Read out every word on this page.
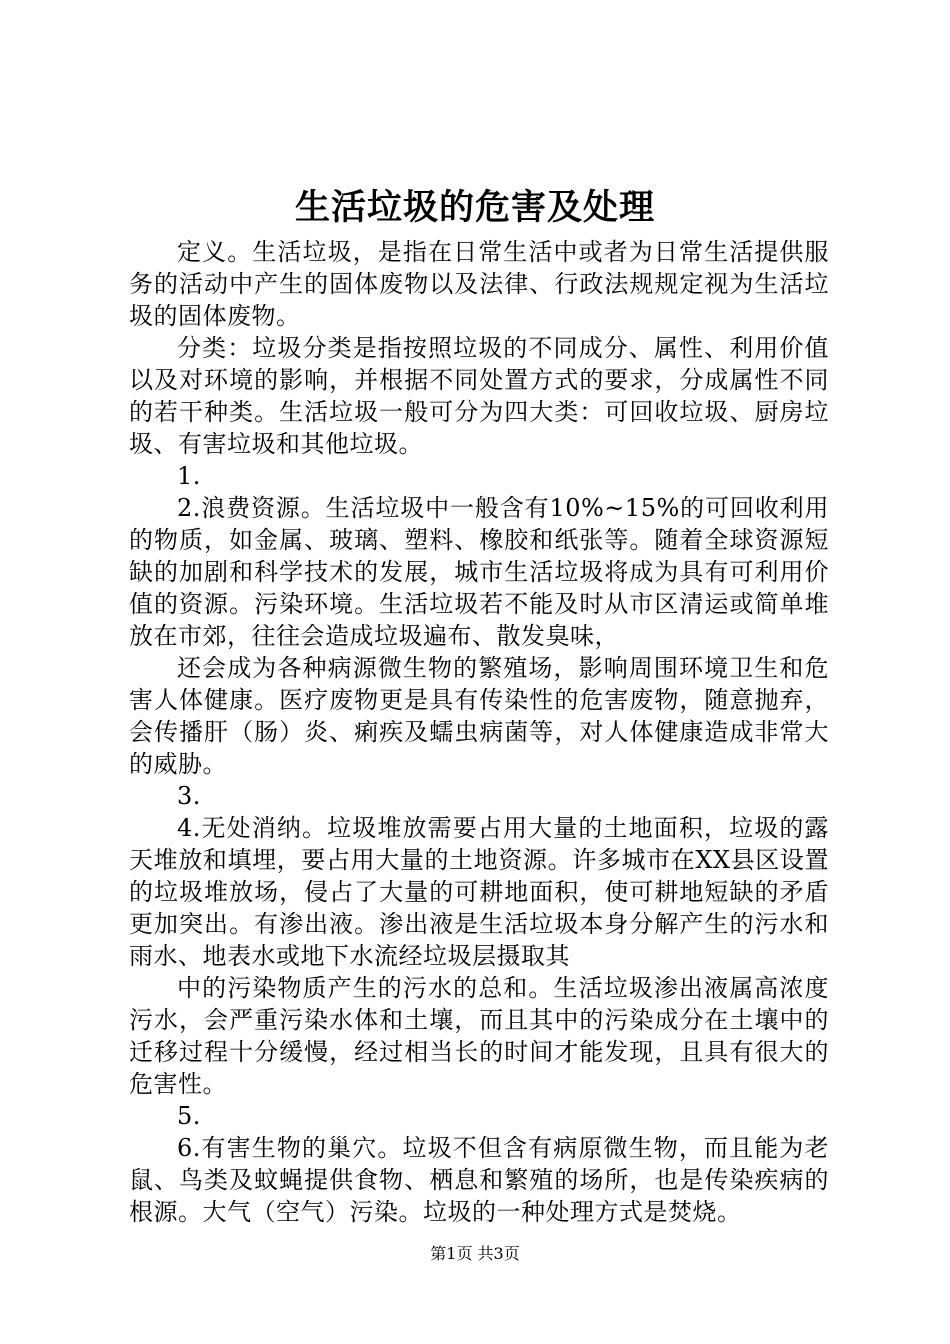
生活垃圾的危害及处理

定义。生活垃圾，是指在日常生活中或者为日常生活提供服务的活动中产生的固体废物以及法律、行政法规规定视为生活垃圾的固体废物。

分类：垃圾分类是指按照垃圾的不同成分、属性、利用价值以及对环境的影响，并根据不同处置方式的要求，分成属性不同的若干种类。生活垃圾一般可分为四大类：可回收垃圾、厨房垃圾、有害垃圾和其他垃圾。

1.

2.浪费资源。生活垃圾中一般含有10%~15%的可回收利用的物质，如金属、玻璃、塑料、橡胶和纸张等。随着全球资源短缺的加剧和科学技术的发展，城市生活垃圾将成为具有可利用价值的资源。污染环境。生活垃圾若不能及时从市区清运或简单堆放在市郊，往往会造成垃圾遍布、散发臭味，

还会成为各种病源微生物的繁殖场，影响周围环境卫生和危害人体健康。医疗废物更是具有传染性的危害废物，随意抛弃，会传播肝（肠）炎、痢疾及蠕虫病菌等，对人体健康造成非常大的威胁。

3.

4.无处消纳。垃圾堆放需要占用大量的土地面积，垃圾的露天堆放和填埋，要占用大量的土地资源。许多城市在XX县区设置的垃圾堆放场，侵占了大量的可耕地面积，使可耕地短缺的矛盾更加突出。有渗出液。渗出液是生活垃圾本身分解产生的污水和雨水、地表水或地下水流经垃圾层摄取其

中的污染物质产生的污水的总和。生活垃圾渗出液属高浓度污水，会严重污染水体和土壤，而且其中的污染成分在土壤中的迁移过程十分缓慢，经过相当长的时间才能发现，且具有很大的危害性。

5.

6.有害生物的巢穴。垃圾不但含有病原微生物，而且能为老鼠、鸟类及蚊蝇提供食物、栖息和繁殖的场所，也是传染疾病的根源。大气（空气）污染。垃圾的一种处理方式是焚烧。

第1页 共3页
